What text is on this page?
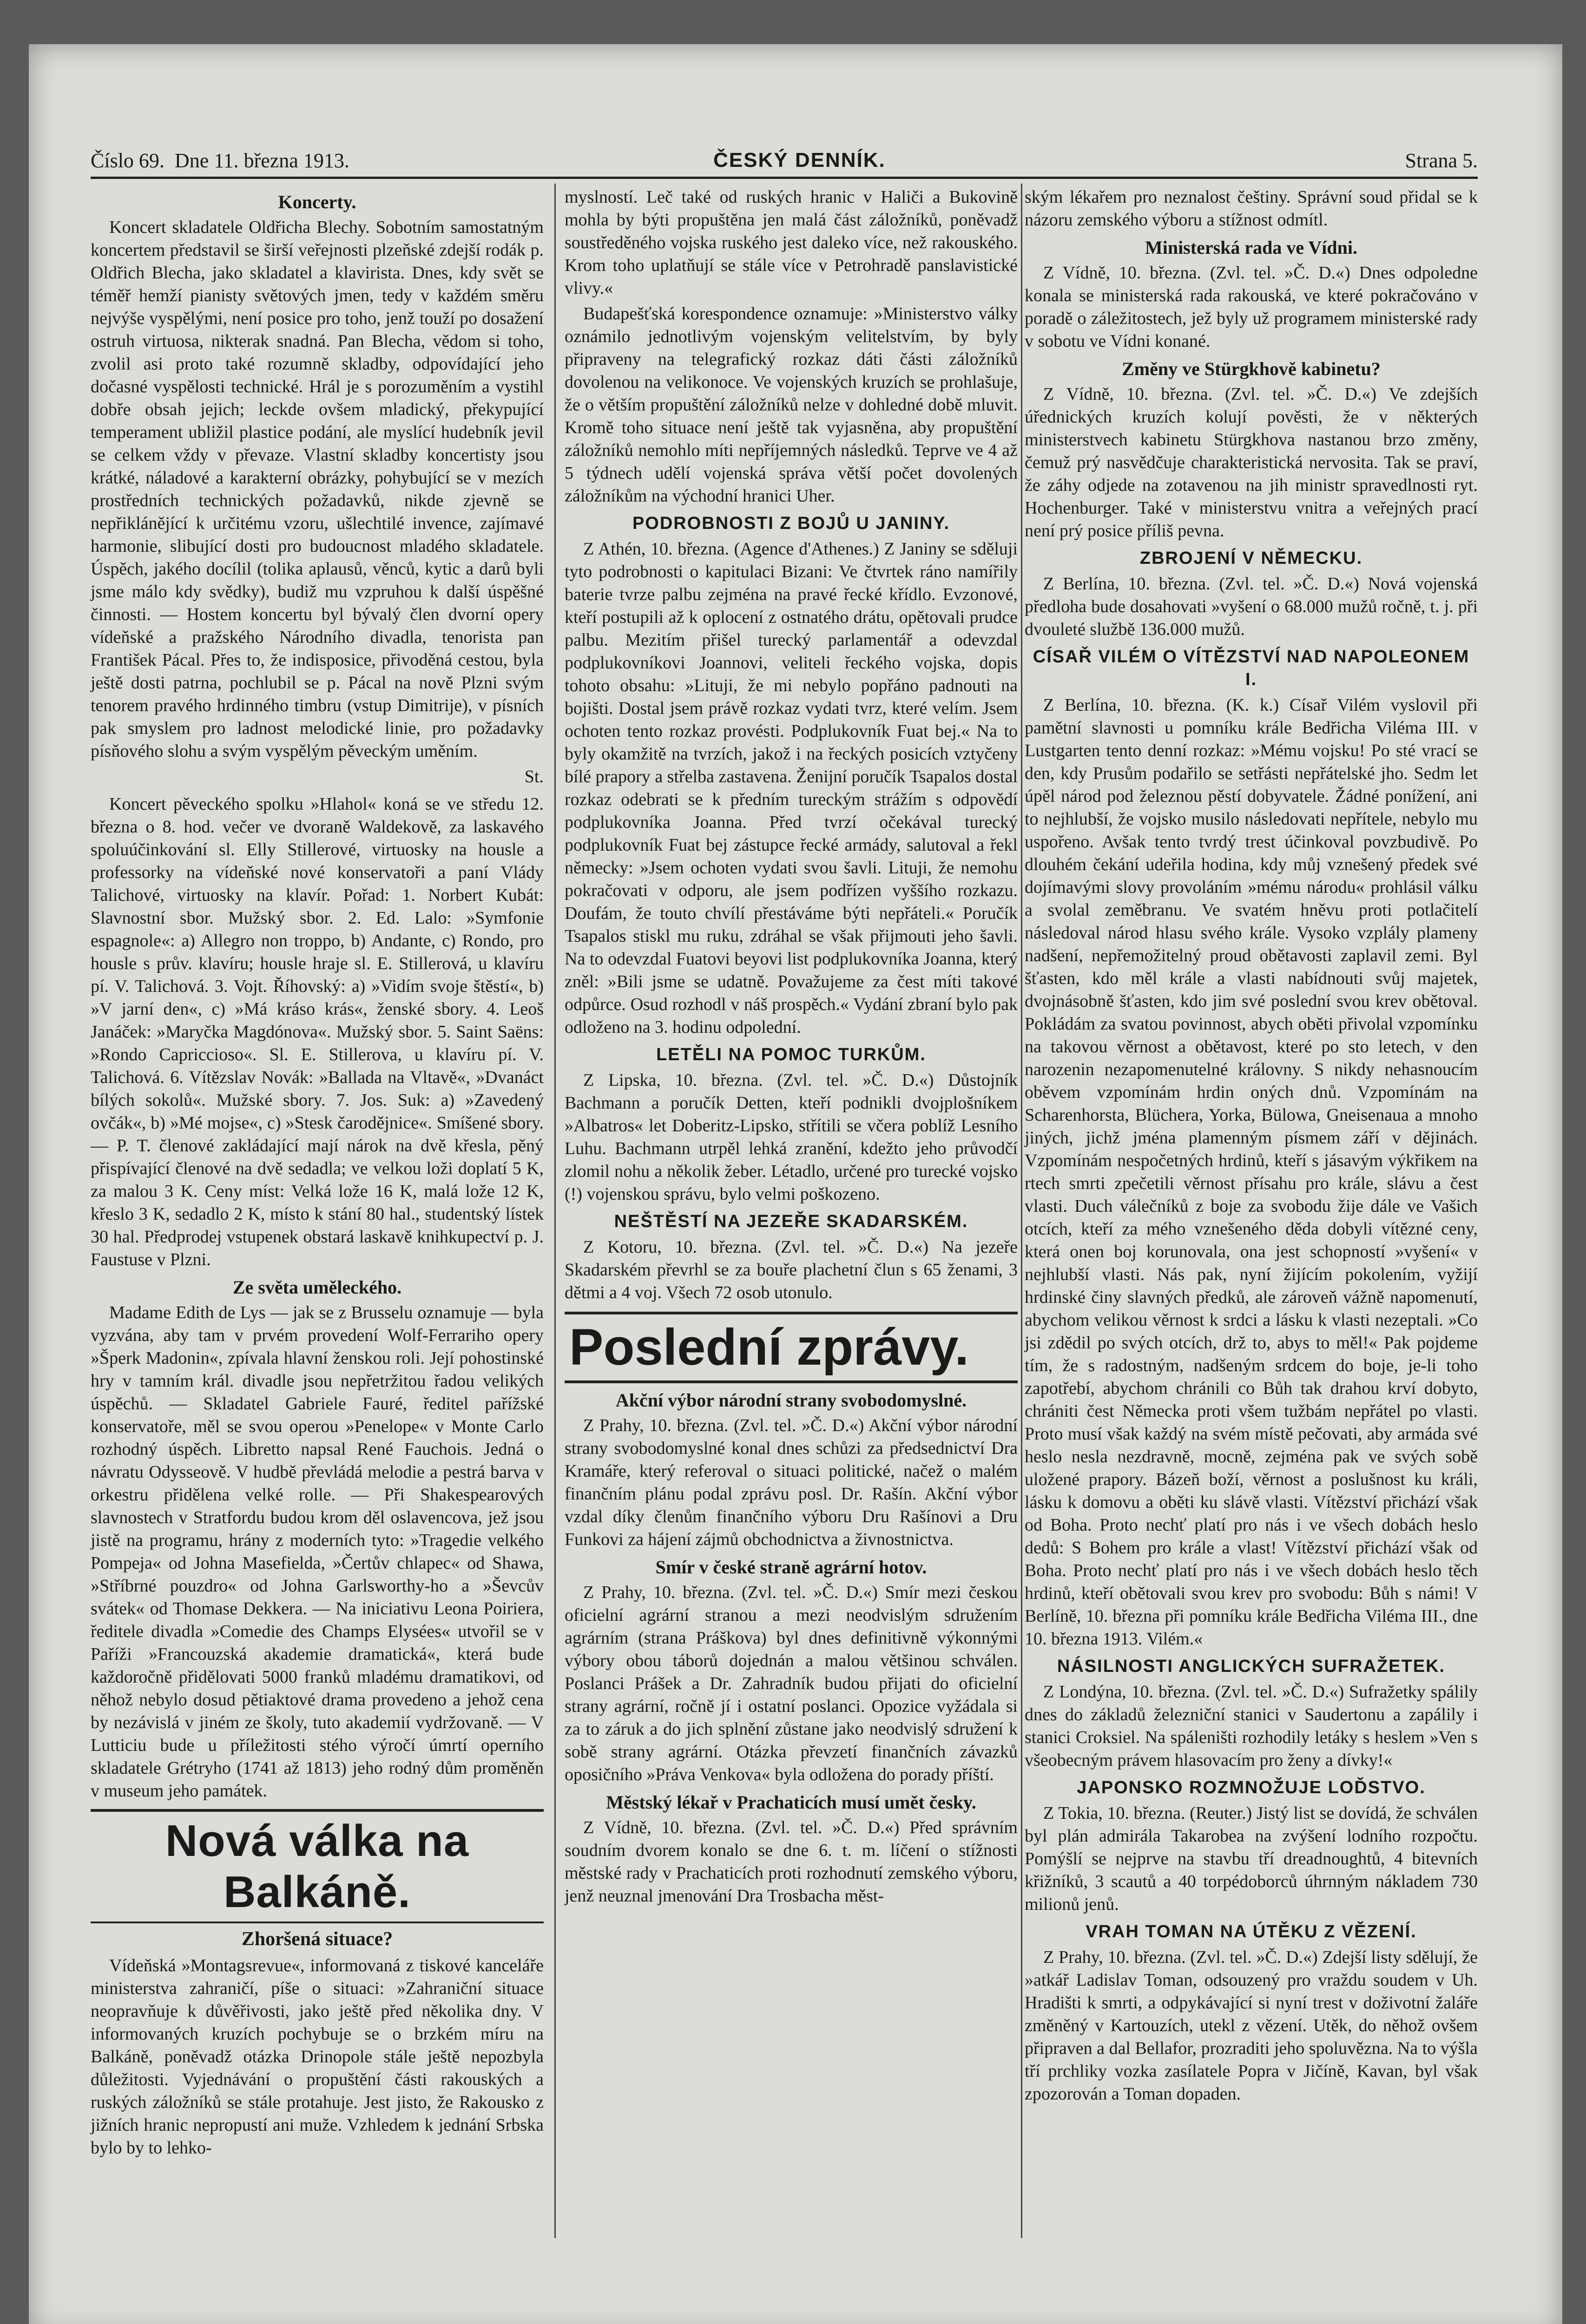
Číslo 69. Dne 11. března 1913.	ČESKÝ DENNÍK.	Strana 5.
Koncerty.

Koncert skladatele Oldřicha Blechy. Sobotním samostatným koncertem představil se širší veřejnosti plzeňské zdejší rodák p. Oldřich Blecha, jako skladatel a klavirista. Dnes, kdy svět se téměř hemží pianisty světových jmen, tedy v každém směru nejvýše vyspělými, není posice pro toho, jenž touží po dosažení ostruh virtuosa, nikterak snadná. Pan Blecha, vědom si toho, zvolil asi proto také rozumně skladby, odpovídající jeho dočasné vyspělosti technické. Hrál je s porozuměním a vystihl dobře obsah jejich; leckde ovšem mladický, překypující temperament ubližil plastice podání, ale myslící hudebník jevil se celkem vždy v převaze. Vlastní skladby koncertisty jsou krátké, náladové a karakterní obrázky, pohybující se v mezích prostředních technických požadavků, nikde zjevně se nepřiklánějící k určitému vzoru, ušlechtilé invence, zajímavé harmonie, slibující dosti pro budoucnost mladého skladatele. Úspěch, jakého docílil (tolika aplausů, věnců, kytic a darů byli jsme málo kdy svědky), budiž mu vzpruhou k další úspěšné činnosti. — Hostem koncertu byl bývalý člen dvorní opery vídeňské a pražského Národního divadla, tenorista pan František Pácal. Přes to, že indisposice, přivoděná cestou, byla ještě dosti patrna, pochlubil se p. Pácal na nově Plzni svým tenorem pravého hrdinného timbru (vstup Dimitrije), v písních pak smyslem pro ladnost melodické linie, pro požadavky písňového slohu a svým vyspělým pěveckým uměním.

St.

Koncert pěveckého spolku »Hlahol« koná se ve středu 12. března o 8. hod. večer ve dvoraně Waldekově, za laskavého spoluúčinkování sl. Elly Stillerové, virtuosky na housle a professorky na vídeňské nové konservatoři a paní Vlády Talichové, virtuosky na klavír. Pořad: 1. Norbert Kubát: Slavnostní sbor. Mužský sbor. 2. Ed. Lalo: »Symfonie espagnole«: a) Allegro non troppo, b) Andante, c) Rondo, pro housle s prův. klavíru; housle hraje sl. E. Stillerová, u klavíru pí. V. Talichová. 3. Vojt. Říhovský: a) »Vidím svoje štěstí«, b) »V jarní den«, c) »Má kráso krás«, ženské sbory. 4. Leoš Janáček: »Maryčka Magdónova«. Mužský sbor. 5. Saint Saëns: »Rondo Capriccioso«. Sl. E. Stillerova, u klavíru pí. V. Talichová. 6. Vítězslav Novák: »Ballada na Vltavě«, »Dvanáct bílých sokolů«. Mužské sbory. 7. Jos. Suk: a) »Zavedený ovčák«, b) »Mé mojse«, c) »Stesk čarodějnice«. Smíšené sbory. — P. T. členové zakládající mají nárok na dvě křesla, pěný přispívající členové na dvě sedadla; ve velkou loži doplatí 5 K, za malou 3 K. Ceny míst: Velká lože 16 K, malá lože 12 K, křeslo 3 K, sedadlo 2 K, místo k stání 80 hal., studentský lístek 30 hal. Předprodej vstupenek obstará laskavě knihkupectví p. J. Faustuse v Plzni.

Ze světa uměleckého.

Madame Edith de Lys — jak se z Brusselu oznamuje — byla vyzvána, aby tam v prvém provedení Wolf-Ferrariho opery »Šperk Madonin«, zpívala hlavní ženskou roli. Její pohostinské hry v tamním král. divadle jsou nepřetržitou řadou velikých úspěchů. — Skladatel Gabriele Fauré, ředitel pařížské konservatoře, měl se svou operou »Penelope« v Monte Carlo rozhodný úspěch. Libretto napsal René Fauchois. Jedná o návratu Odysseově. V hudbě převládá melodie a pestrá barva v orkestru přidělena velké rolle. — Při Shakespearových slavnostech v Stratfordu budou krom děl oslavencova, jež jsou jistě na programu, hrány z moderních tyto: »Tragedie velkého Pompeja« od Johna Masefielda, »Čertův chlapec« od Shawa, »Stříbrné pouzdro« od Johna Garlsworthy-ho a »Ševcův svátek« od Thomase Dekkera. — Na iniciativu Leona Poiriera, ředitele divadla »Comedie des Champs Elysées« utvořil se v Paříži »Francouzská akademie dramatická«, která bude každoročně přidělovati 5000 franků mladému dramatikovi, od něhož nebylo dosud pětiaktové drama provedeno a jehož cena by nezávislá v jiném ze školy, tuto akademií vydržovaně. — V Lutticiu bude u příležitosti stého výročí úmrtí operního skladatele Grétryho (1741 až 1813) jeho rodný dům proměněn v museum jeho památek.

Nová válka na Balkáně.
Zhoršená situace?

Vídeňská »Montagsrevue«, informovaná z tiskové kanceláře ministerstva zahraničí, píše o situaci: »Zahraniční situace neopravňuje k důvěřivosti, jako ještě před několika dny. V informovaných kruzích pochybuje se o brzkém míru na Balkáně, poněvadž otázka Drinopole stále ještě nepozbyla důležitosti. Vyjednávání o propuštění části rakouských a ruských záložníků se stále protahuje. Jest jisto, že Rakousko z jižních hranic nepropustí ani muže. Vzhledem k jednání Srbska bylo by to lehko-

myslností. Leč také od ruských hranic v Haliči a Bukovině mohla by býti propuštěna jen malá část záložníků, poněvadž soustředěného vojska ruského jest daleko více, než rakouského. Krom toho uplatňují se stále více v Petrohradě panslavistické vlivy.«

Budapešťská korespondence oznamuje: »Ministerstvo války oznámilo jednotlivým vojenským velitelstvím, by byly připraveny na telegrafický rozkaz dáti části záložníků dovolenou na velikonoce. Ve vojenských kruzích se prohlašuje, že o větším propuštění záložníků nelze v dohledné době mluvit. Kromě toho situace není ještě tak vyjasněna, aby propuštění záložníků nemohlo míti nepříjemných následků. Teprve ve 4 až 5 týdnech udělí vojenská správa větší počet dovolených záložníkům na východní hranici Uher.

PODROBNOSTI Z BOJŮ U JANINY.

Z Athén, 10. března. (Agence d'Athenes.) Z Janiny se sděluji tyto podrobnosti o kapitulaci Bizani: Ve čtvrtek ráno namířily baterie tvrze palbu zejména na pravé řecké křídlo. Evzonové, kteří postupili až k oplocení z ostnatého drátu, opětovali prudce palbu. Mezitím přišel turecký parlamentář a odevzdal podplukovníkovi Joannovi, veliteli řeckého vojska, dopis tohoto obsahu: »Lituji, že mi nebylo popřáno padnouti na bojišti. Dostal jsem právě rozkaz vydati tvrz, které velím. Jsem ochoten tento rozkaz provésti. Podplukovník Fuat bej.« Na to byly okamžitě na tvrzích, jakož i na řeckých posicích vztyčeny bílé prapory a střelba zastavena. Ženijní poručík Tsapalos dostal rozkaz odebrati se k předním tureckým strážím s odpovědí podplukovníka Joanna. Před tvrzí očekával turecký podplukovník Fuat bej zástupce řecké armády, salutoval a řekl německy: »Jsem ochoten vydati svou šavli. Lituji, že nemohu pokračovati v odporu, ale jsem podřízen vyššího rozkazu. Doufám, že touto chvílí přestáváme býti nepřáteli.« Poručík Tsapalos stiskl mu ruku, zdráhal se však přijmouti jeho šavli. Na to odevzdal Fuatovi beyovi list podplukovníka Joanna, který zněl: »Bili jsme se udatně. Považujeme za čest míti takové odpůrce. Osud rozhodl v náš prospěch.« Vydání zbraní bylo pak odloženo na 3. hodinu odpolední.

LETĚLI NA POMOC TURKŮM.

Z Lipska, 10. března. (Zvl. tel. »Č. D.«) Důstojník Bachmann a poručík Detten, kteří podnikli dvojplošníkem »Albatros« let Doberitz-Lipsko, střítili se včera poblíž Lesního Luhu. Bachmann utrpěl lehká zranění, kdežto jeho průvodčí zlomil nohu a několik žeber. Létadlo, určené pro turecké vojsko (!) vojenskou správu, bylo velmi poškozeno.

NEŠTĚSTÍ NA JEZEŘE SKADARSKÉM.

Z Kotoru, 10. března. (Zvl. tel. »Č. D.«) Na jezeře Skadarském převrhl se za bouře plachetní člun s 65 ženami, 3 dětmi a 4 voj. Všech 72 osob utonulo.

Poslední zprávy.
Akční výbor národní strany svobodomyslné.

Z Prahy, 10. března. (Zvl. tel. »Č. D.«) Akční výbor národní strany svobodomyslné konal dnes schůzi za předsednictví Dra Kramáře, který referoval o situaci politické, načež o malém finančním plánu podal zprávu posl. Dr. Rašín. Akční výbor vzdal díky členům finančního výboru Dru Rašínovi a Dru Funkovi za hájení zájmů obchodnictva a živnostnictva.

Smír v české straně agrární hotov.

Z Prahy, 10. března. (Zvl. tel. »Č. D.«) Smír mezi českou oficielní agrární stranou a mezi neodvislým sdružením agrárním (strana Práškova) byl dnes definitivně výkonnými výbory obou táborů dojednán a malou většinou schválen. Poslanci Prášek a Dr. Zahradník budou přijati do oficielní strany agrární, ročně jí i ostatní poslanci. Opozice vyžádala si za to záruk a do jich splnění zůstane jako neodvislý sdružení k sobě strany agrární. Otázka převzetí finančních závazků oposičního »Práva Venkova« byla odložena do porady příští.

Městský lékař v Prachaticích musí umět česky.

Z Vídně, 10. března. (Zvl. tel. »Č. D.«) Před správním soudním dvorem konalo se dne 6. t. m. líčení o stížnosti městské rady v Prachaticích proti rozhodnutí zemského výboru, jenž neuznal jmenování Dra Trosbacha měst-

ským lékařem pro neznalost češtiny. Správní soud přidal se k názoru zemského výboru a stížnost odmítl.

Ministerská rada ve Vídni.

Z Vídně, 10. března. (Zvl. tel. »Č. D.«) Dnes odpoledne konala se ministerská rada rakouská, ve které pokračováno v poradě o záležitostech, jež byly už programem ministerské rady v sobotu ve Vídni konané.

Změny ve Stürgkhově kabinetu?

Z Vídně, 10. března. (Zvl. tel. »Č. D.«) Ve zdejších úřednických kruzích kolují pověsti, že v některých ministerstvech kabinetu Stürgkhova nastanou brzo změny, čemuž prý nasvědčuje charakteristická nervosita. Tak se praví, že záhy odjede na zotavenou na jih ministr spravedlnosti ryt. Hochenburger. Také v ministerstvu vnitra a veřejných prací není prý posice příliš pevna.

ZBROJENÍ V NĚMECKU.

Z Berlína, 10. března. (Zvl. tel. »Č. D.«) Nová vojenská předloha bude dosahovati »vyšení o 68.000 mužů ročně, t. j. při dvouleté službě 136.000 mužů.

CÍSAŘ VILÉM O VÍTĚZSTVÍ NAD NAPOLEONEM I.

Z Berlína, 10. března. (K. k.) Císař Vilém vyslovil při pamětní slavnosti u pomníku krále Bedřicha Viléma III. v Lustgarten tento denní rozkaz: »Mému vojsku! Po sté vrací se den, kdy Prusům podařilo se setřásti nepřátelské jho. Sedm let úpěl národ pod železnou pěstí dobyvatele. Žádné ponížení, ani to nejhlubší, že vojsko musilo následovati nepřítele, nebylo mu uspořeno. Avšak tento tvrdý trest účinkoval povzbudivě. Po dlouhém čekání udeřila hodina, kdy můj vznešený předek své dojímavými slovy provoláním »mému národu« prohlásil válku a svolal zeměbranu. Ve svatém hněvu proti potlačitelí následoval národ hlasu svého krále. Vysoko vzplály plameny nadšení, nepřemožitelný proud obětavosti zaplavil zemi. Byl šťasten, kdo měl krále a vlasti nabídnouti svůj majetek, dvojnásobně šťasten, kdo jim své poslední svou krev obětoval. Pokládám za svatou povinnost, abych oběti přivolal vzpomínku na takovou věrnost a obětavost, které po sto letech, v den narozenin nezapomenutelné královny. S nikdy nehasnoucím oběvem vzpomínám hrdin oných dnů. Vzpomínám na Scharenhorsta, Blüchera, Yorka, Bülowa, Gneisenaua a mnoho jiných, jichž jména plamenným písmem září v dějinách. Vzpomínám nespočetných hrdinů, kteří s jásavým výkřikem na rtech smrti zpečetili věrnost přísahu pro krále, slávu a čest vlasti. Duch válečníků z boje za svobodu žije dále ve Vašich otcích, kteří za mého vznešeného děda dobyli vítězné ceny, která onen boj korunovala, ona jest schopností »vyšení« v nejhlubší vlasti. Nás pak, nyní žijícím pokolením, vyžijí hrdinské činy slavných předků, ale zároveň vážně napomenutí, abychom velikou věrnost k srdci a lásku k vlasti nezeptali. »Co jsi zdědil po svých otcích, drž to, abys to měl!« Pak pojdeme tím, že s radostným, nadšeným srdcem do boje, je-li toho zapotřebí, abychom chránili co Bůh tak drahou krví dobyto, chrániti čest Německa proti všem tužbám nepřátel po vlasti. Proto musí však každý na svém místě pečovati, aby armáda své heslo nesla nezdravně, mocně, zejména pak ve svých sobě uložené prapory. Bázeň boží, věrnost a poslušnost ku králi, lásku k domovu a oběti ku slávě vlasti. Vítězství přichází však od Boha. Proto nechť platí pro nás i ve všech dobách heslo dedů: S Bohem pro krále a vlast! Vítězství přichází však od Boha. Proto nechť platí pro nás i ve všech dobách heslo těch hrdinů, kteří obětovali svou krev pro svobodu: Bůh s námi! V Berlíně, 10. března při pomníku krále Bedřicha Viléma III., dne 10. března 1913. Vilém.«

NÁSILNOSTI ANGLICKÝCH SUFRAŽETEK.

Z Londýna, 10. března. (Zvl. tel. »Č. D.«) Sufražetky spálily dnes do základů železniční stanici v Saudertonu a zapálily i stanici Croksiel. Na spáleništi rozhodily letáky s heslem »Ven s všeobecným právem hlasovacím pro ženy a dívky!«

JAPONSKO ROZMNOŽUJE LOĎSTVO.

Z Tokia, 10. března. (Reuter.) Jistý list se dovídá, že schválen byl plán admirála Takarobea na zvýšení lodního rozpočtu. Pomýšlí se nejprve na stavbu tří dreadnoughtů, 4 bitevních křižníků, 3 scautů a 40 torpédoborců úhrnným nákladem 730 milionů jenů.

VRAH TOMAN NA ÚTĚKU Z VĚZENÍ.

Z Prahy, 10. března. (Zvl. tel. »Č. D.«) Zdejší listy sdělují, že »atkář Ladislav Toman, odsouzený pro vraždu soudem v Uh. Hradišti k smrti, a odpykávající si nyní trest v doživotní žaláře změněný v Kartouzích, utekl z vězení. Utěk, do něhož ovšem připraven a dal Bellafor, prozraditi jeho spoluvězna. Na to výšla tří prchliky vozka zasílatele Popra v Jičíně, Kavan, byl však zpozorován a Toman dopaden.
